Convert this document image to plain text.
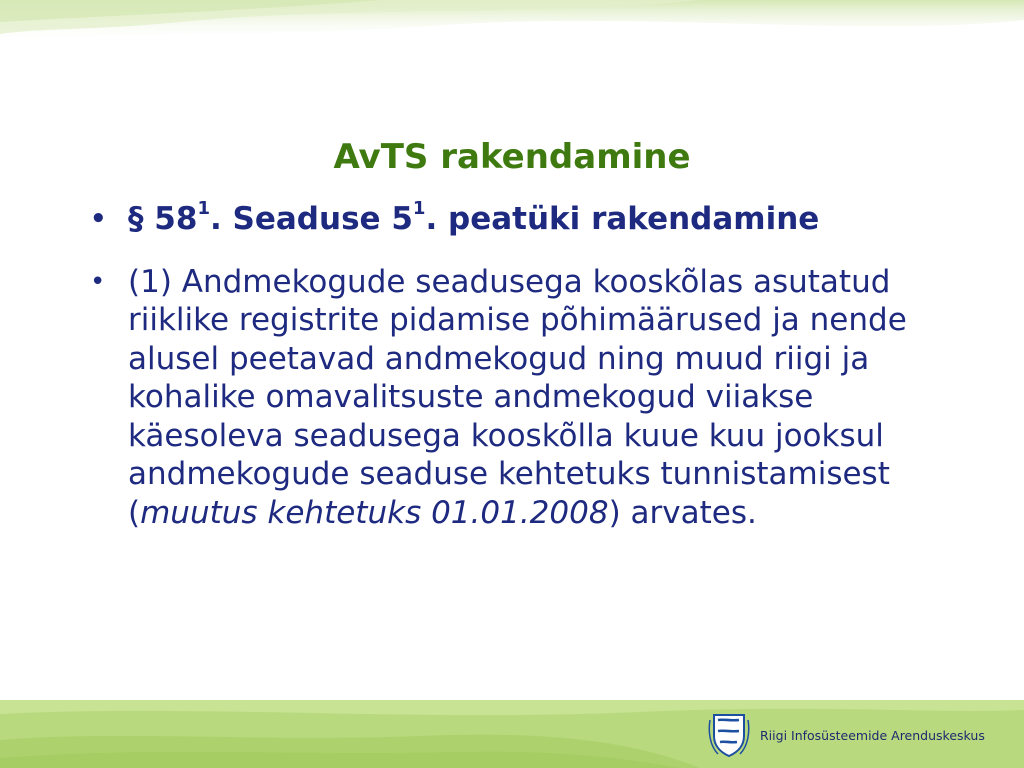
AvTS rakendamine
• § $58^1$. Seaduse $5^1$. peatüki rakendamine
• (1) Andmekogude seadusega kooskõlas asutatud riiklike registrite pidamise põhimäärused ja nende alusel peetavad andmekogud ning muud riigi ja kohalike omavalitsuste andmekogud viiakse käesoleva seadusega kooskõlla kuue kuu jooksul andmekogude seaduse kehtetuks tunnistamisest (muutus kehtetuks 01.01.2008) arvates.
Riigi Infosüsteemide Arenduskeskus
